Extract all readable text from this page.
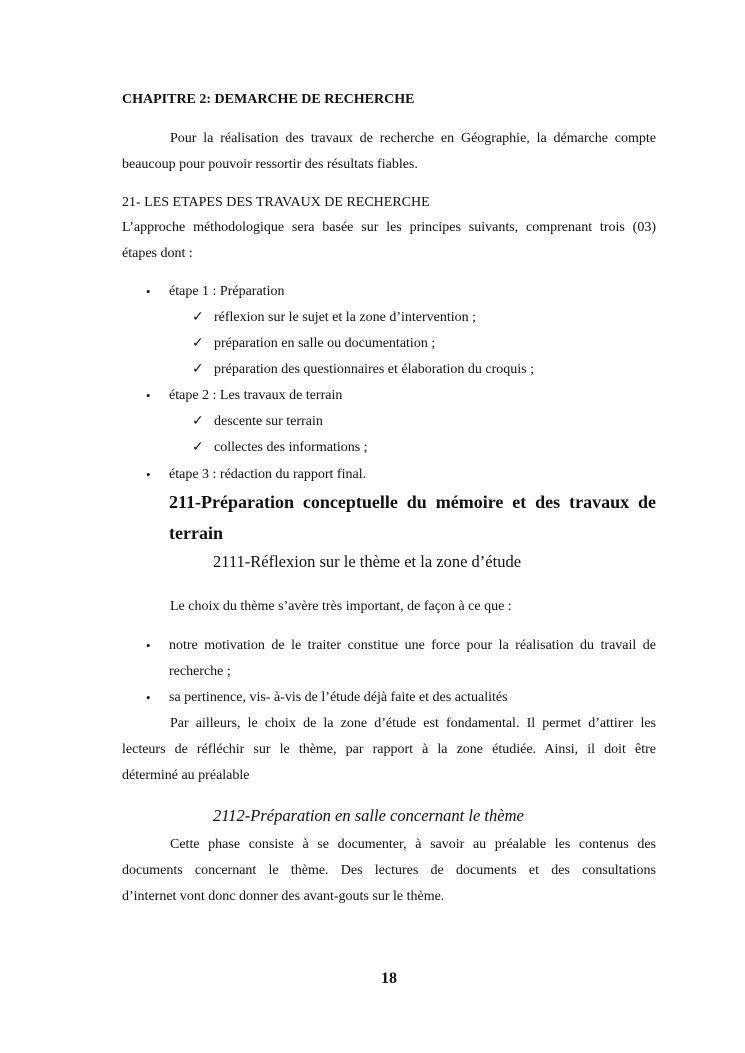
CHAPITRE 2: DEMARCHE DE RECHERCHE
Pour la réalisation des travaux de recherche en Géographie, la démarche compte
beaucoup pour pouvoir ressortir des résultats fiables.
21- LES ETAPES DES TRAVAUX DE RECHERCHE
L’approche méthodologique sera basée sur les principes suivants, comprenant trois (03)
étapes dont :
• étape 1 : Préparation
✓ réflexion sur le sujet et la zone d’intervention ;
✓ préparation en salle ou documentation ;
✓ préparation des questionnaires et élaboration du croquis ;
• étape 2 : Les travaux de terrain
✓ descente sur terrain
✓ collectes des informations ;
• étape 3 : rédaction du rapport final.
211-Préparation conceptuelle du mémoire et des travaux de
terrain
2111-Réflexion sur le thème et la zone d’étude
Le choix du thème s’avère très important, de façon à ce que :
• notre motivation de le traiter constitue une force pour la réalisation du travail de
recherche ;
• sa pertinence, vis- à-vis de l’étude déjà faite et des actualités
Par ailleurs, le choix de la zone d’étude est fondamental. Il permet d’attirer les
lecteurs de réfléchir sur le thème, par rapport à la zone étudiée. Ainsi, il doit être
déterminé au préalable
2112-Préparation en salle concernant le thème
Cette phase consiste à se documenter, à savoir au préalable les contenus des
documents concernant le thème. Des lectures de documents et des consultations
d’internet vont donc donner des avant-gouts sur le thème.
18
